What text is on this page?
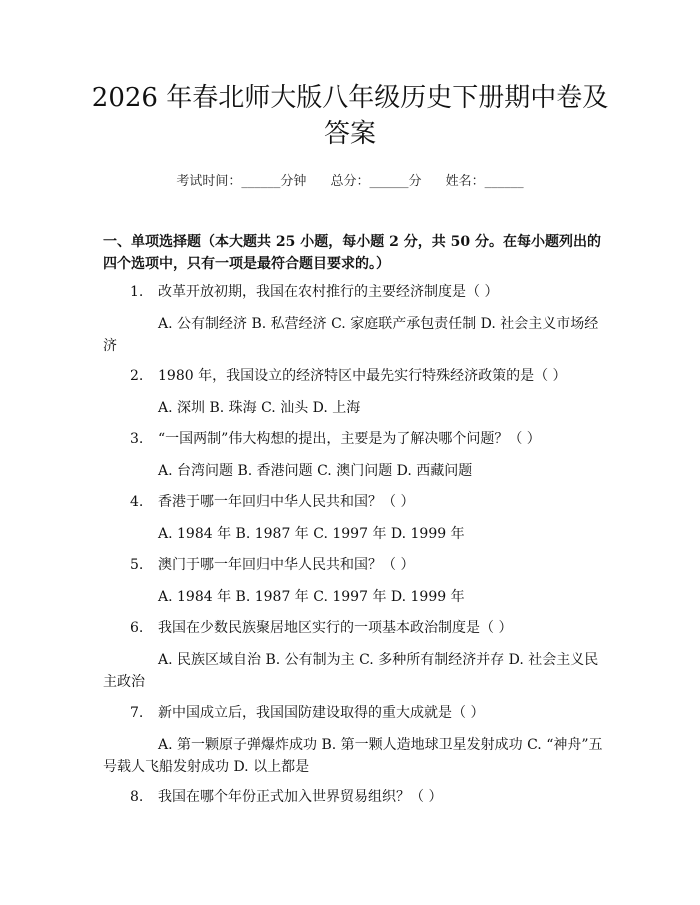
2026 年春北师大版八年级历史下册期中卷及答案
考试时间：______分钟 总分：______分 姓名：______
一、单项选择题（本大题共 25 小题，每小题 2 分，共 50 分。在每小题列出的四个选项中，只有一项是最符合题目要求的。）
1. 改革开放初期，我国在农村推行的主要经济制度是（ ）
A. 公有制经济 B. 私营经济 C. 家庭联产承包责任制 D. 社会主义市场经济
2. 1980 年，我国设立的经济特区中最先实行特殊经济政策的是（ ）
A. 深圳 B. 珠海 C. 汕头 D. 上海
3. “一国两制”伟大构想的提出，主要是为了解决哪个问题？（ ）
A. 台湾问题 B. 香港问题 C. 澳门问题 D. 西藏问题
4. 香港于哪一年回归中华人民共和国？（ ）
A. 1984 年 B. 1987 年 C. 1997 年 D. 1999 年
5. 澳门于哪一年回归中华人民共和国？（ ）
A. 1984 年 B. 1987 年 C. 1997 年 D. 1999 年
6. 我国在少数民族聚居地区实行的一项基本政治制度是（ ）
A. 民族区域自治 B. 公有制为主 C. 多种所有制经济并存 D. 社会主义民主政治
7. 新中国成立后，我国国防建设取得的重大成就是（ ）
A. 第一颗原子弹爆炸成功 B. 第一颗人造地球卫星发射成功 C. “神舟”五号载人飞船发射成功 D. 以上都是
8. 我国在哪个年份正式加入世界贸易组织？（ ）
